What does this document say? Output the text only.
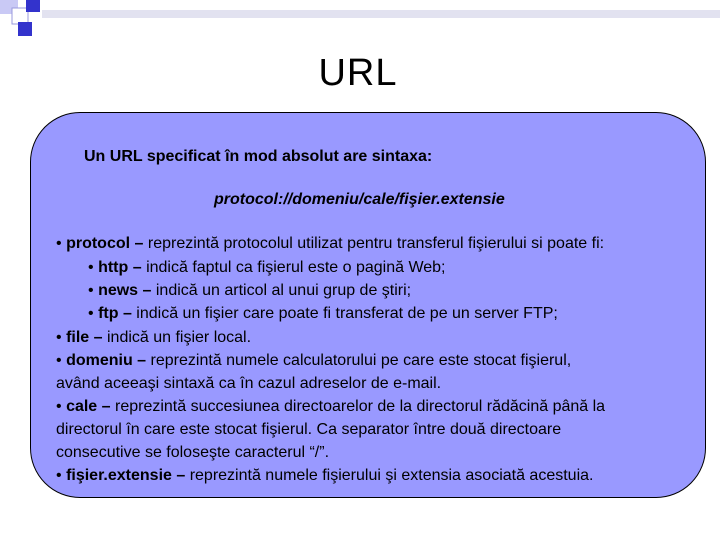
URL
Un URL specificat în mod absolut are sintaxa:
protocol://domeniu/cale/fişier.extensie
• protocol – reprezintă protocolul utilizat pentru transferul fişierului si poate fi:
• http – indică faptul ca fişierul este o pagină Web;
• news – indică un articol al unui grup de ştiri;
• ftp – indică un fişier care poate fi transferat de pe un server FTP;
• file – indică un fişier local.
• domeniu – reprezintă numele calculatorului pe care este stocat fişierul,
având aceeaşi sintaxă ca în cazul adreselor de e-mail.
• cale – reprezintă succesiunea directoarelor de la directorul rădăcină până la
directorul în care este stocat fişierul. Ca separator între două directoare
consecutive se foloseşte caracterul “/”.
• fişier.extensie – reprezintă numele fişierului şi extensia asociată acestuia.
